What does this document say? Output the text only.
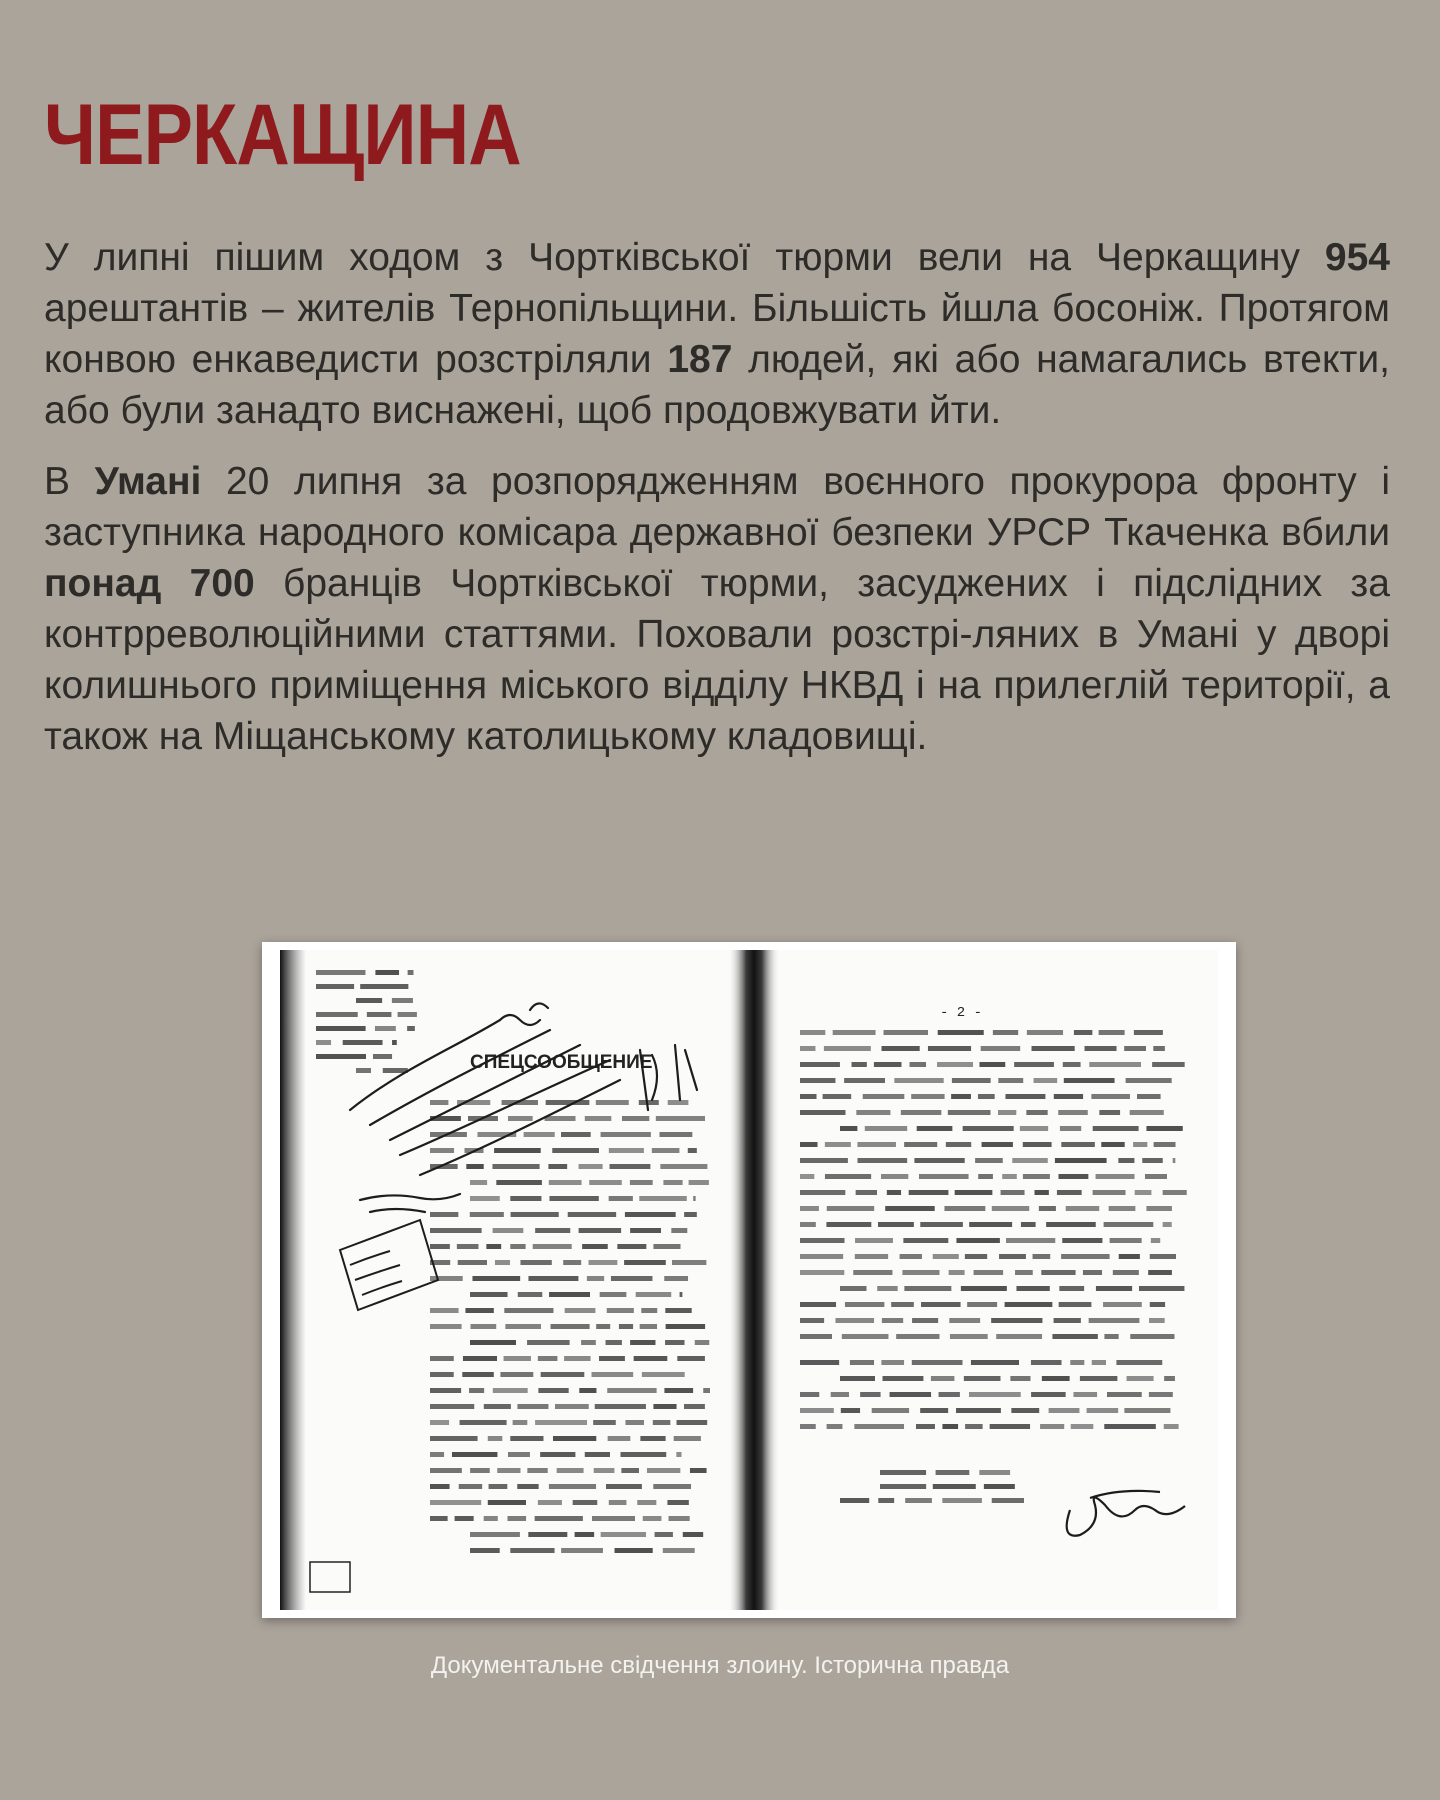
ЧЕРКАЩИНА

У липні пішим ходом з Чортківської тюрми вели на Черкащину 954 арештантів – жителів Тернопільщини. Більшість йшла босоніж. Протягом конвою енкаведисти розстріляли 187 людей, які або намагались втекти, або були занадто виснажені, щоб продовжувати йти.

В Умані 20 липня за розпорядженням воєнного прокурора фронту і заступника народного комісара державної безпеки УРСР Ткаченка вбили понад 700 бранців Чортківської тюрми, засуджених і підслідних за контрреволюційними статтями. Поховали розстрі-ляних в Умані у дворі колишнього приміщення міського відділу НКВД і на прилеглій території, а також на Міщанському католицькому кладовищі.

СПЕЦСООБЩЕНИЕ
- 2 -
Документальне свідчення злоину. Історична правда
